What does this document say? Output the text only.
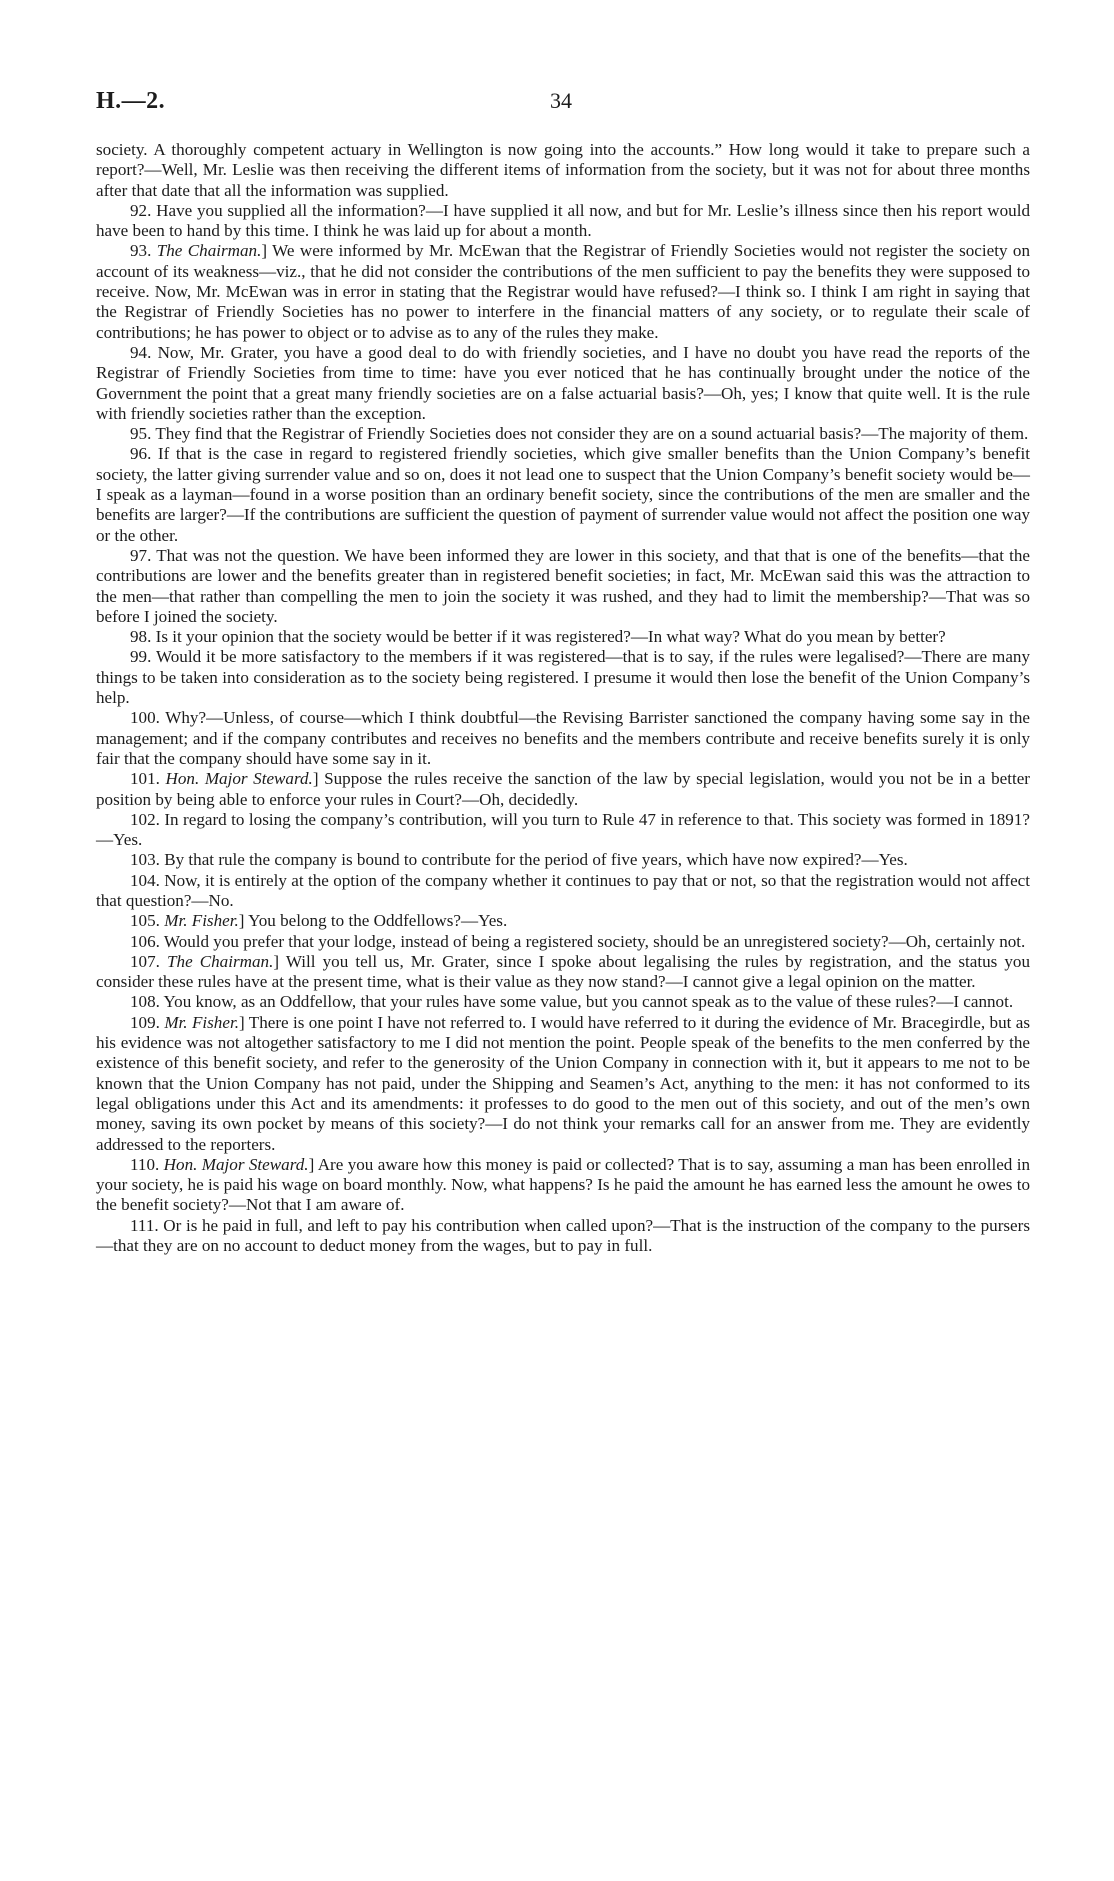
34
H.—2.

society. A thoroughly competent actuary in Wellington is now going into the accounts.” How long would it take to prepare such a report?—Well, Mr. Leslie was then receiving the different items of information from the society, but it was not for about three months after that date that all the information was supplied.

92. Have you supplied all the information?—I have supplied it all now, and but for Mr. Leslie’s illness since then his report would have been to hand by this time. I think he was laid up for about a month.

93. The Chairman.] We were informed by Mr. McEwan that the Registrar of Friendly Societies would not register the society on account of its weakness—viz., that he did not consider the contributions of the men sufficient to pay the benefits they were supposed to receive. Now, Mr. McEwan was in error in stating that the Registrar would have refused?—I think so. I think I am right in saying that the Registrar of Friendly Societies has no power to interfere in the financial matters of any society, or to regulate their scale of contributions; he has power to object or to advise as to any of the rules they make.

94. Now, Mr. Grater, you have a good deal to do with friendly societies, and I have no doubt you have read the reports of the Registrar of Friendly Societies from time to time: have you ever noticed that he has continually brought under the notice of the Government the point that a great many friendly societies are on a false actuarial basis?—Oh, yes; I know that quite well. It is the rule with friendly societies rather than the exception.

95. They find that the Registrar of Friendly Societies does not consider they are on a sound actuarial basis?—The majority of them.

96. If that is the case in regard to registered friendly societies, which give smaller benefits than the Union Company’s benefit society, the latter giving surrender value and so on, does it not lead one to suspect that the Union Company’s benefit society would be—I speak as a layman—found in a worse position than an ordinary benefit society, since the contributions of the men are smaller and the benefits are larger?—If the contributions are sufficient the question of payment of surrender value would not affect the position one way or the other.

97. That was not the question. We have been informed they are lower in this society, and that that is one of the benefits—that the contributions are lower and the benefits greater than in registered benefit societies; in fact, Mr. McEwan said this was the attraction to the men—that rather than compelling the men to join the society it was rushed, and they had to limit the membership?—That was so before I joined the society.

98. Is it your opinion that the society would be better if it was registered?—In what way? What do you mean by better?

99. Would it be more satisfactory to the members if it was registered—that is to say, if the rules were legalised?—There are many things to be taken into consideration as to the society being registered. I presume it would then lose the benefit of the Union Company’s help.

100. Why?—Unless, of course—which I think doubtful—the Revising Barrister sanctioned the company having some say in the management; and if the company contributes and receives no benefits and the members contribute and receive benefits surely it is only fair that the company should have some say in it.

101. Hon. Major Steward.] Suppose the rules receive the sanction of the law by special legislation, would you not be in a better position by being able to enforce your rules in Court?—Oh, decidedly.

102. In regard to losing the company’s contribution, will you turn to Rule 47 in reference to that. This society was formed in 1891?—Yes.

103. By that rule the company is bound to contribute for the period of five years, which have now expired?—Yes.

104. Now, it is entirely at the option of the company whether it continues to pay that or not, so that the registration would not affect that question?—No.

105. Mr. Fisher.] You belong to the Oddfellows?—Yes.

106. Would you prefer that your lodge, instead of being a registered society, should be an unregistered society?—Oh, certainly not.

107. The Chairman.] Will you tell us, Mr. Grater, since I spoke about legalising the rules by registration, and the status you consider these rules have at the present time, what is their value as they now stand?—I cannot give a legal opinion on the matter.

108. You know, as an Oddfellow, that your rules have some value, but you cannot speak as to the value of these rules?—I cannot.

109. Mr. Fisher.] There is one point I have not referred to. I would have referred to it during the evidence of Mr. Bracegirdle, but as his evidence was not altogether satisfactory to me I did not mention the point. People speak of the benefits to the men conferred by the existence of this benefit society, and refer to the generosity of the Union Company in connection with it, but it appears to me not to be known that the Union Company has not paid, under the Shipping and Seamen’s Act, anything to the men: it has not conformed to its legal obligations under this Act and its amendments: it professes to do good to the men out of this society, and out of the men’s own money, saving its own pocket by means of this society?—I do not think your remarks call for an answer from me. They are evidently addressed to the reporters.

110. Hon. Major Steward.] Are you aware how this money is paid or collected? That is to say, assuming a man has been enrolled in your society, he is paid his wage on board monthly. Now, what happens? Is he paid the amount he has earned less the amount he owes to the benefit society?—Not that I am aware of.

111. Or is he paid in full, and left to pay his contribution when called upon?—That is the instruction of the company to the pursers—that they are on no account to deduct money from the wages, but to pay in full.
